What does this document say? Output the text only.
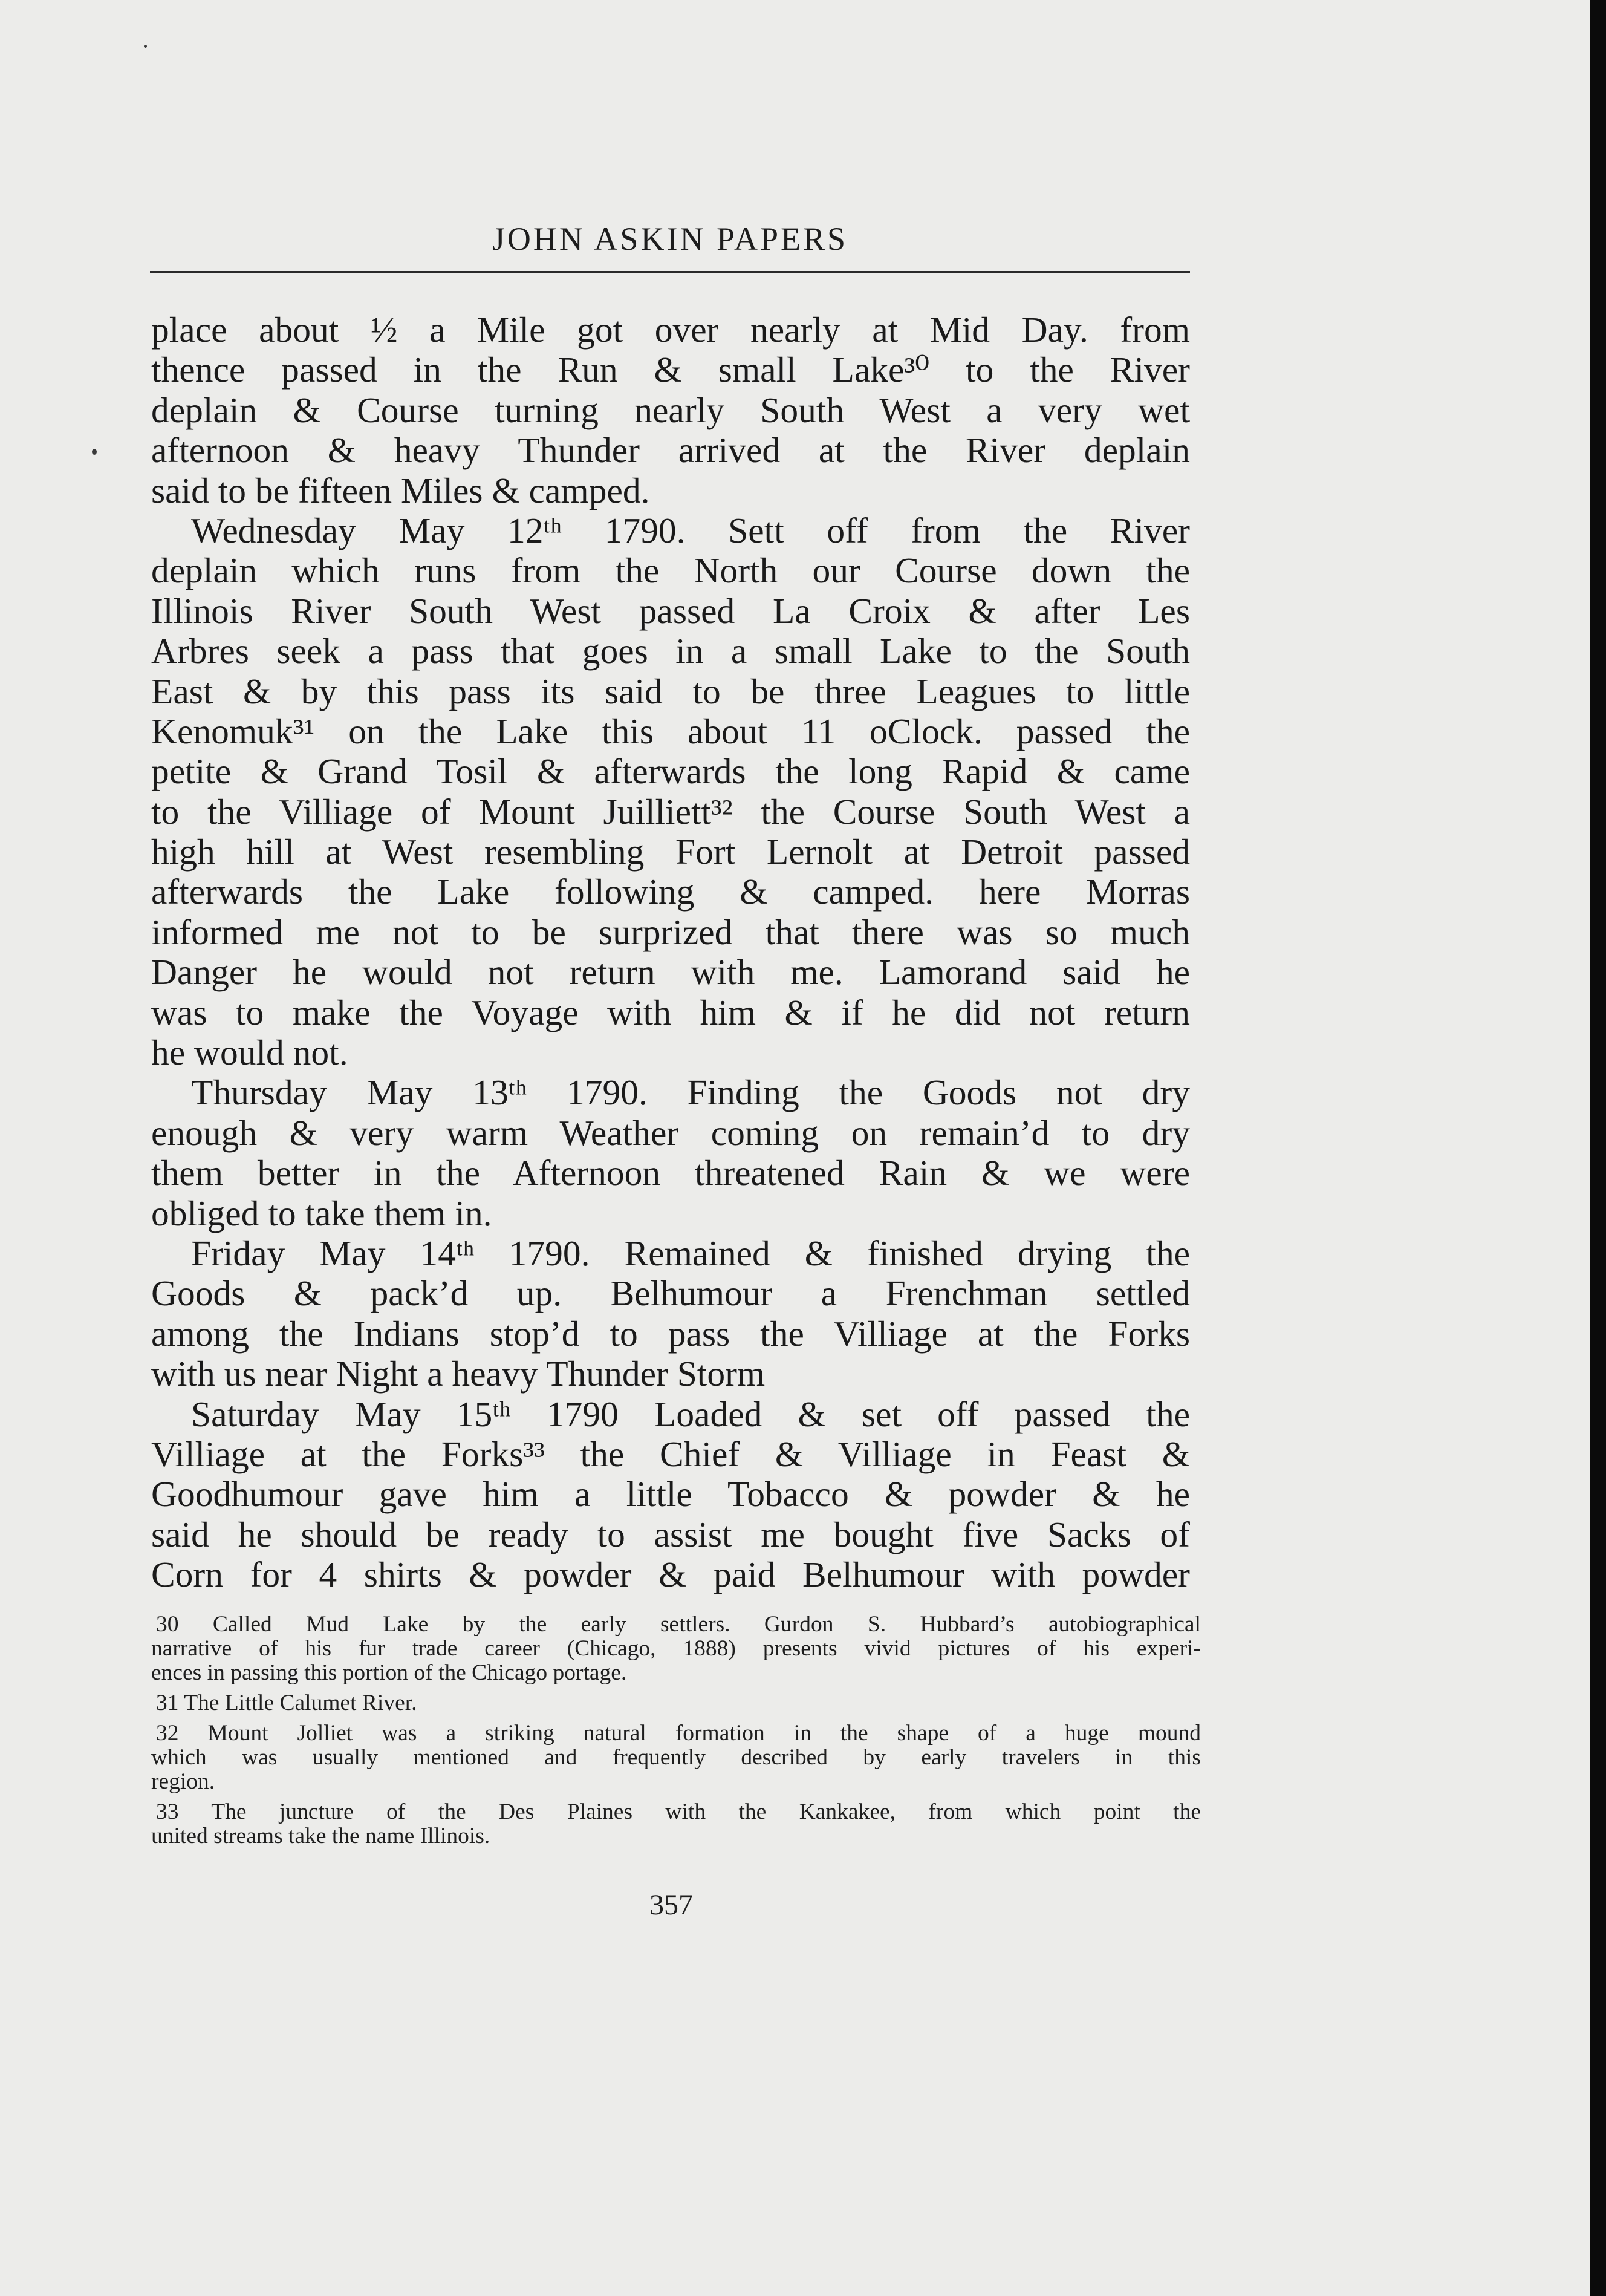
JOHN ASKIN PAPERS
place about ½ a Mile got over nearly at Mid Day. from
thence passed in the Run & small Lake³⁰ to the River
deplain & Course turning nearly South West a very wet
afternoon & heavy Thunder arrived at the River deplain
said to be fifteen Miles & camped.
Wednesday May 12ᵗʰ 1790. Sett off from the River
deplain which runs from the North our Course down the
Illinois River South West passed La Croix & after Les
Arbres seek a pass that goes in a small Lake to the South
East & by this pass its said to be three Leagues to little
Kenomuk³¹ on the Lake this about 11 oClock. passed the
petite & Grand Tosil & afterwards the long Rapid & came
to the Villiage of Mount Juilliett³² the Course South West a
high hill at West resembling Fort Lernolt at Detroit passed
afterwards the Lake following & camped. here Morras
informed me not to be surprized that there was so much
Danger he would not return with me. Lamorand said he
was to make the Voyage with him & if he did not return
he would not.
Thursday May 13ᵗʰ 1790. Finding the Goods not dry
enough & very warm Weather coming on remain’d to dry
them better in the Afternoon threatened Rain & we were
obliged to take them in.
Friday May 14ᵗʰ 1790. Remained & finished drying the
Goods & pack’d up. Belhumour a Frenchman settled
among the Indians stop’d to pass the Villiage at the Forks
with us near Night a heavy Thunder Storm
Saturday May 15ᵗʰ 1790 Loaded & set off passed the
Villiage at the Forks³³ the Chief & Villiage in Feast &
Goodhumour gave him a little Tobacco & powder & he
said he should be ready to assist me bought five Sacks of
Corn for 4 shirts & powder & paid Belhumour with powder
30 Called Mud Lake by the early settlers. Gurdon S. Hubbard’s autobiographical
narrative of his fur trade career (Chicago, 1888) presents vivid pictures of his experi-
ences in passing this portion of the Chicago portage.
31 The Little Calumet River.
32 Mount Jolliet was a striking natural formation in the shape of a huge mound
which was usually mentioned and frequently described by early travelers in this
region.
33 The juncture of the Des Plaines with the Kankakee, from which point the
united streams take the name Illinois.
357
